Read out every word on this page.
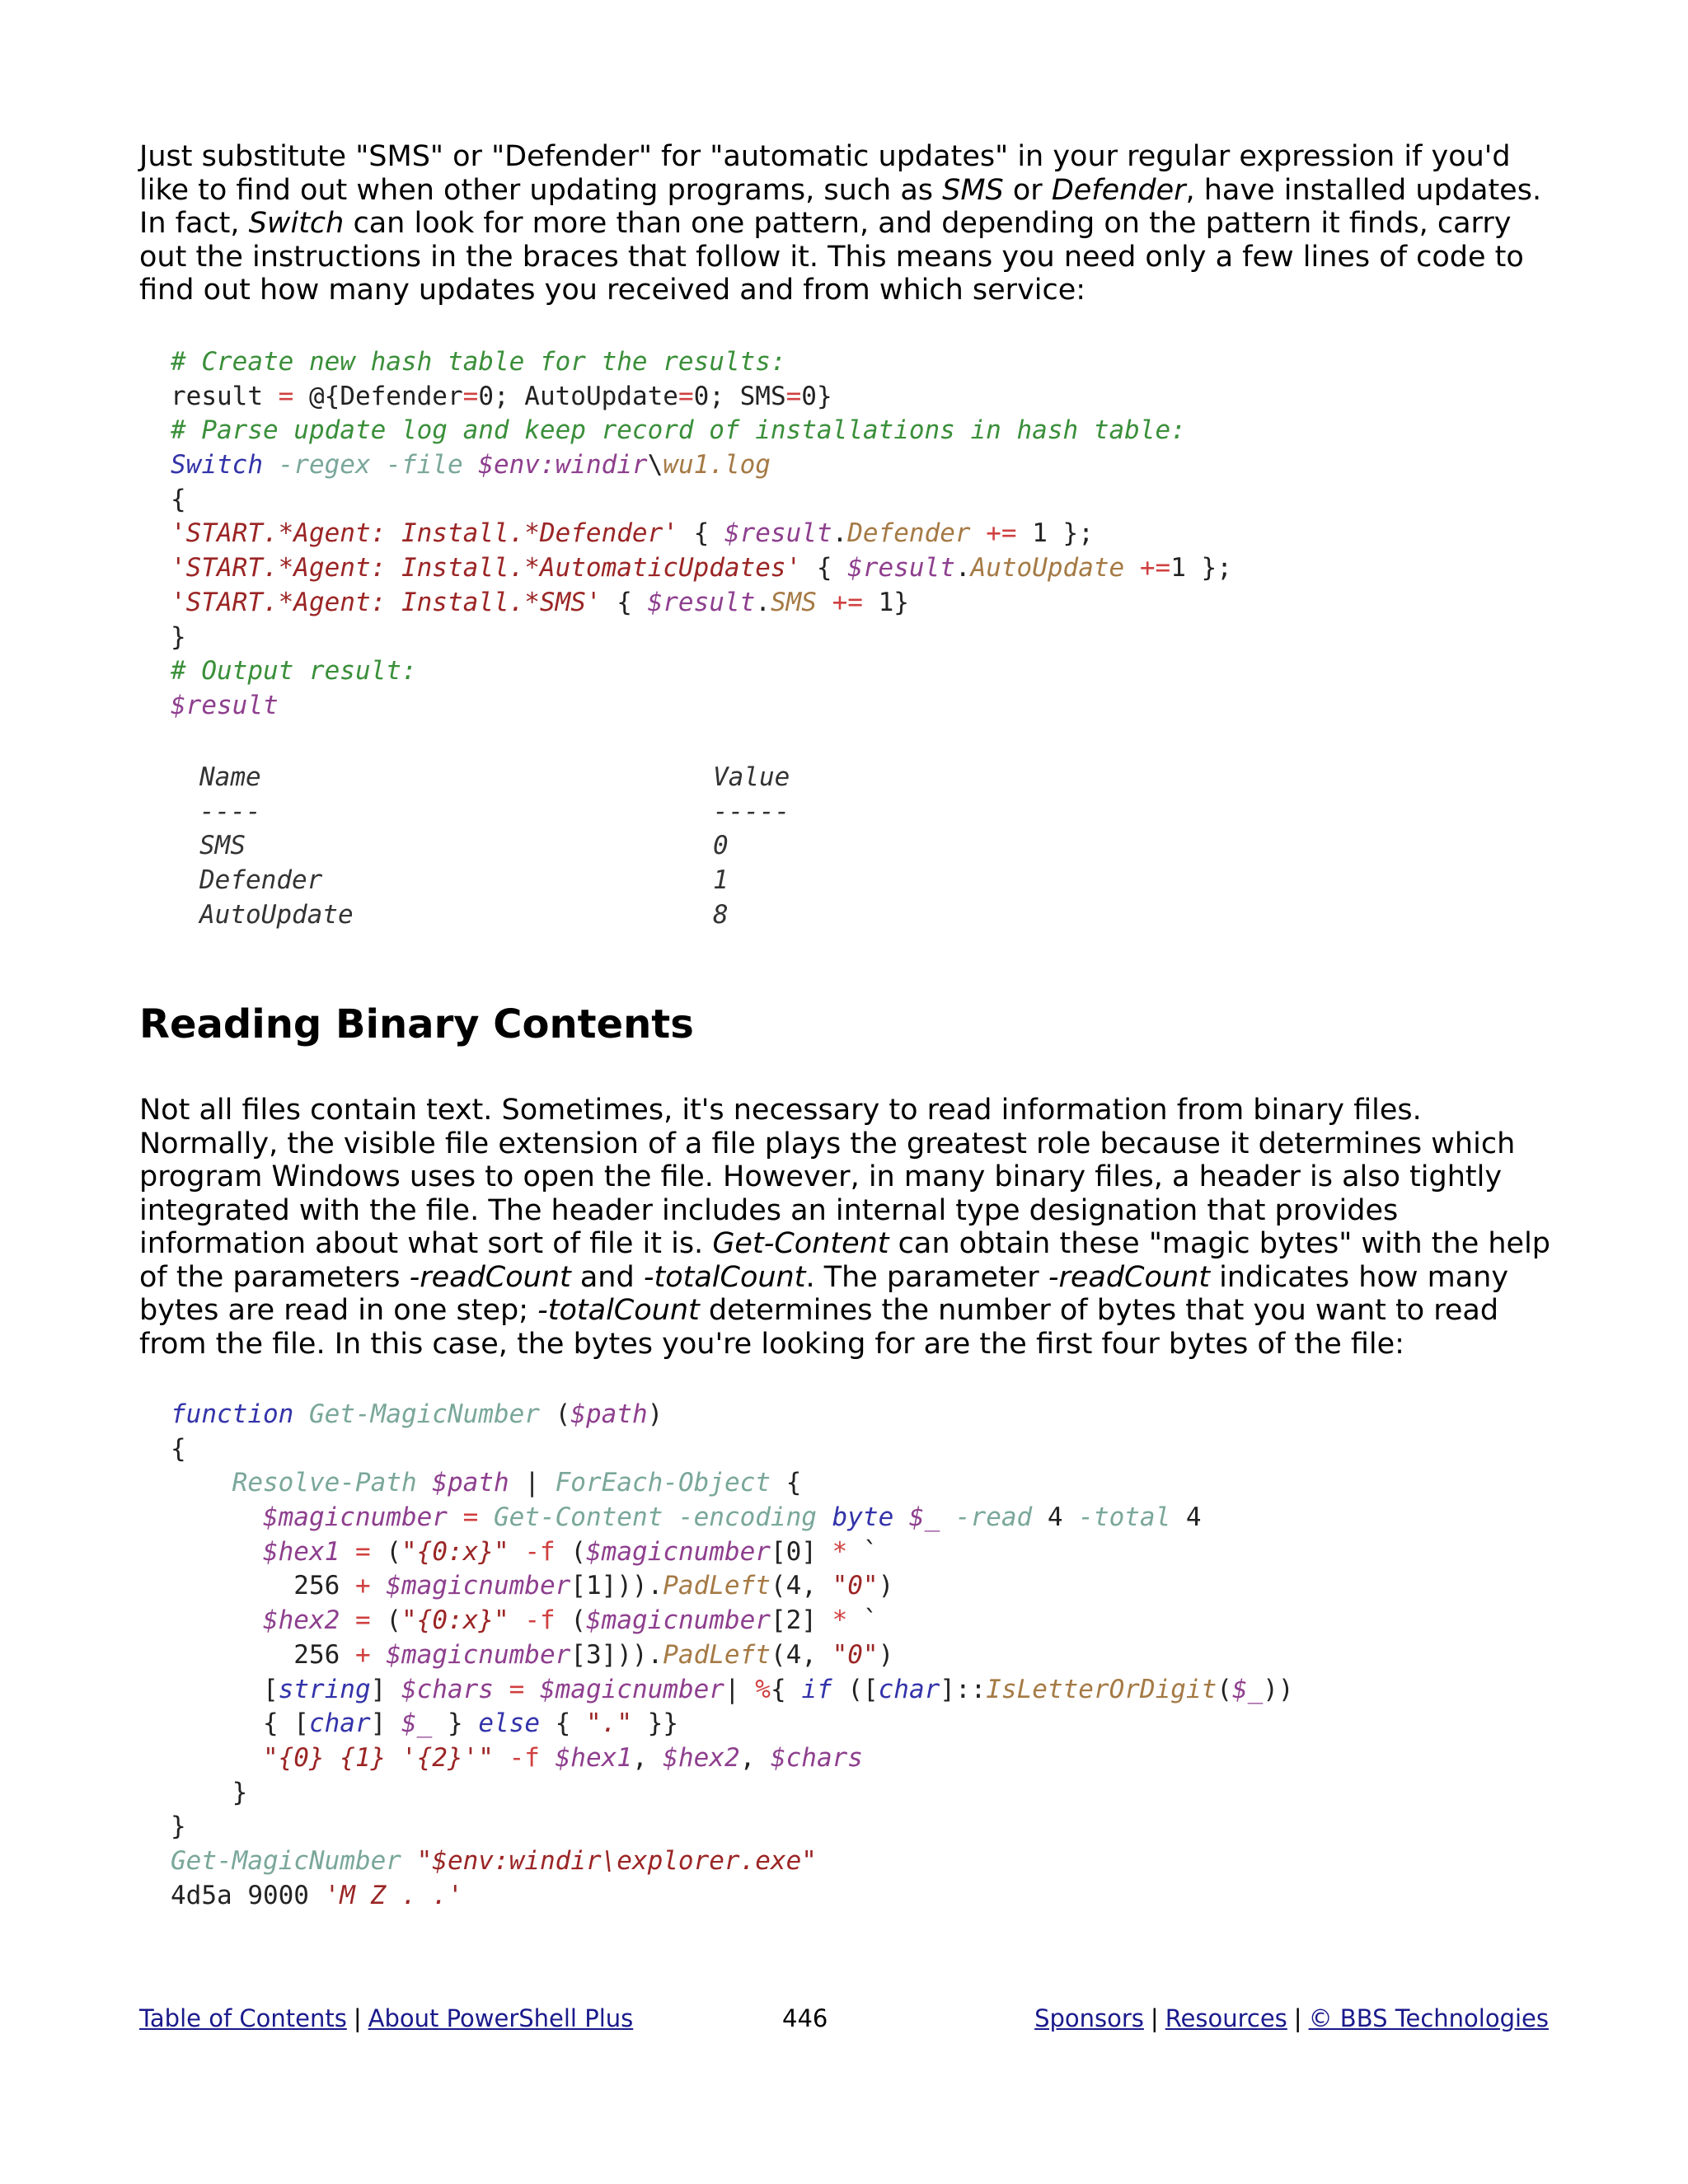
Just substitute "SMS" or "Defender" for "automatic updates" in your regular expression if you'd like to find out when other updating programs, such as SMS or Defender, have installed updates. In fact, Switch can look for more than one pattern, and depending on the pattern it finds, carry out the instructions in the braces that follow it. This means you need only a few lines of code to find out how many updates you received and from which service:

# Create new hash table for the results:
result = @{Defender=0; AutoUpdate=0; SMS=0}
# Parse update log and keep record of installations in hash table:
Switch -regex -file $env:windir\wu1.log
{
'START.*Agent: Install.*Defender' { $result.Defender += 1 };
'START.*Agent: Install.*AutomaticUpdates' { $result.AutoUpdate +=1 };
'START.*Agent: Install.*SMS' { $result.SMS += 1}
}
# Output result:
$result
Name	Value
----	-----
SMS	0
Defender	1
AutoUpdate	8
Reading Binary Contents

Not all files contain text. Sometimes, it's necessary to read information from binary files. Normally, the visible file extension of a file plays the greatest role because it determines which program Windows uses to open the file. However, in many binary files, a header is also tightly integrated with the file. The header includes an internal type designation that provides information about what sort of file it is. Get-Content can obtain these "magic bytes" with the help of the parameters -readCount and -totalCount. The parameter -readCount indicates how many bytes are read in one step; -totalCount determines the number of bytes that you want to read from the file. In this case, the bytes you're looking for are the first four bytes of the file:

function Get-MagicNumber ($path)
{
Resolve-Path $path | ForEach-Object {
$magicnumber = Get-Content -encoding byte $_ -read 4 -total 4
$hex1 = ("{0:x}" -f ($magicnumber[0] * `
256 + $magicnumber[1])).PadLeft(4, "0")
$hex2 = ("{0:x}" -f ($magicnumber[2] * `
256 + $magicnumber[3])).PadLeft(4, "0")
[string] $chars = $magicnumber| %{ if ([char]::IsLetterOrDigit($_))
{ [char] $_ } else { "." }}
"{0} {1} '{2}'" -f $hex1, $hex2, $chars
}
}
Get-MagicNumber "$env:windir\explorer.exe"
4d5a 9000 'M Z . .'
Table of Contents | About PowerShell Plus	446	Sponsors | Resources | © BBS Technologies
